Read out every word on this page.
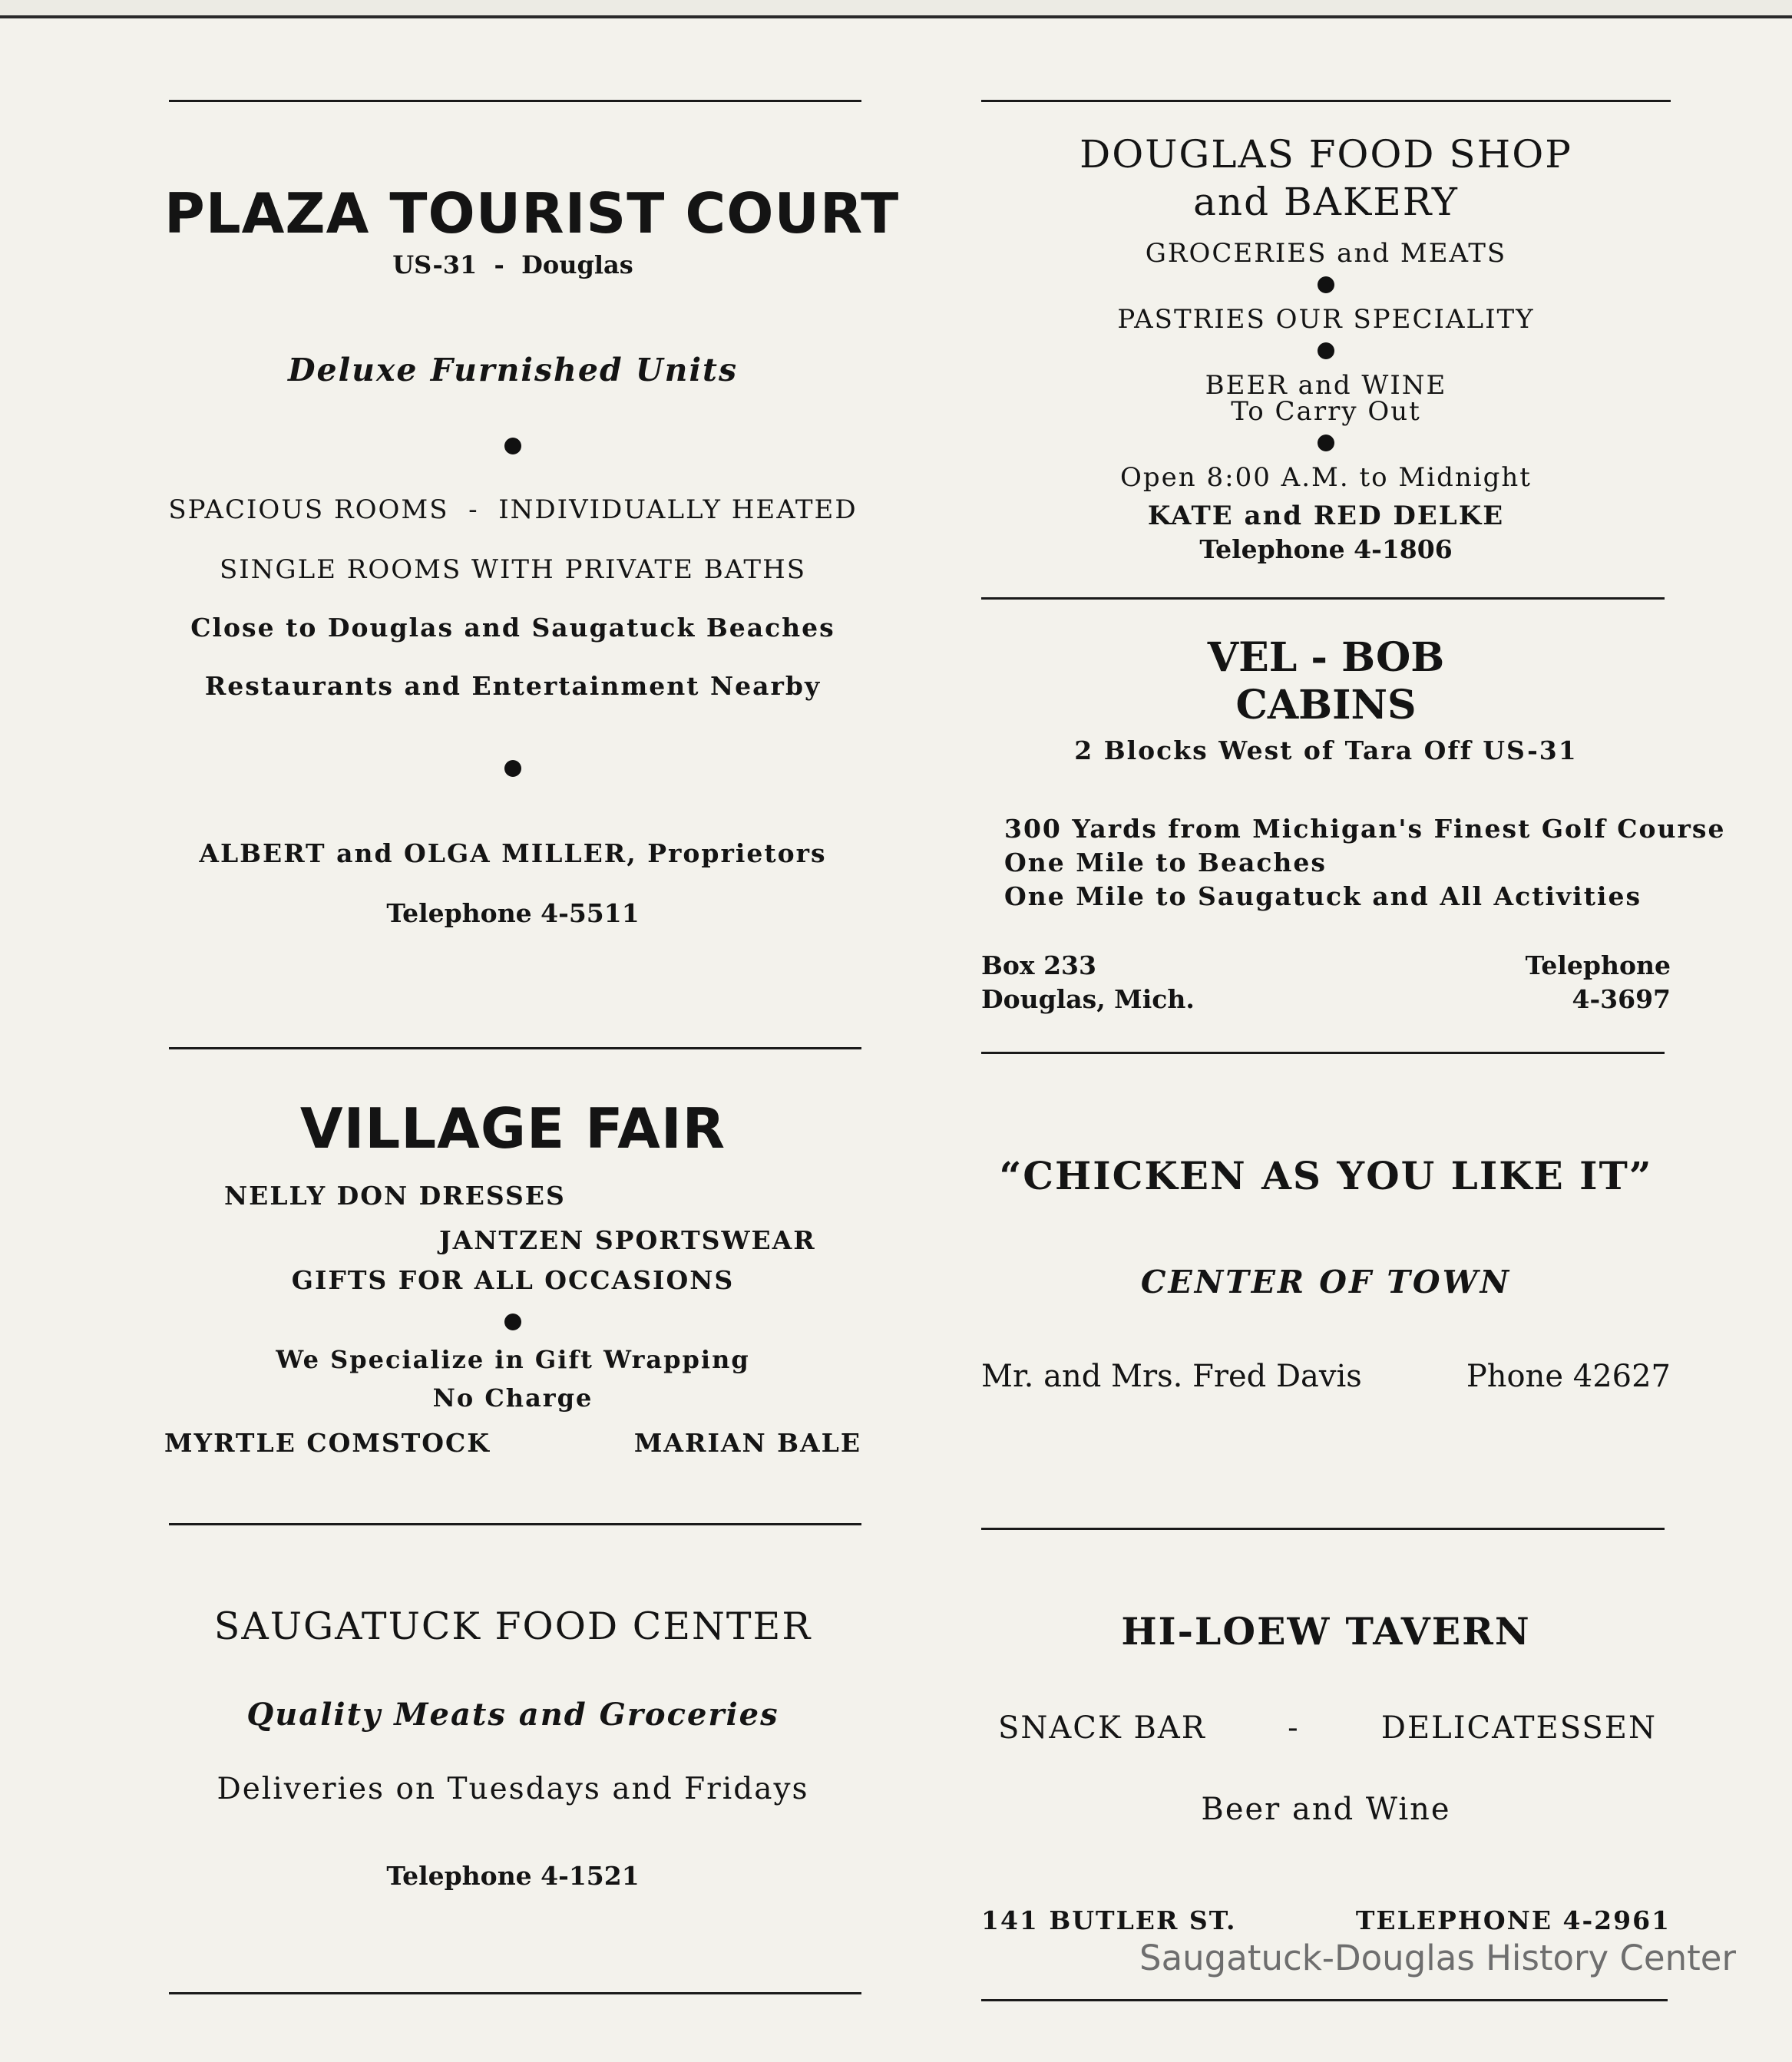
PLAZA TOURIST COURT
US-31  -  Douglas
Deluxe Furnished Units
SPACIOUS ROOMS  -  INDIVIDUALLY HEATED
SINGLE ROOMS WITH PRIVATE BATHS
Close to Douglas and Saugatuck Beaches
Restaurants and Entertainment Nearby
ALBERT and OLGA MILLER, Proprietors
Telephone 4-5511
VILLAGE FAIR
NELLY DON DRESSES
JANTZEN SPORTSWEAR
GIFTS FOR ALL OCCASIONS
We Specialize in Gift Wrapping
No Charge
MYRTLE COMSTOCK	MARIAN BALE
SAUGATUCK FOOD CENTER
Quality Meats and Groceries
Deliveries on Tuesdays and Fridays
Telephone 4-1521
DOUGLAS FOOD SHOP
and BAKERY
GROCERIES and MEATS
PASTRIES OUR SPECIALITY
BEER and WINE
To Carry Out
Open 8:00 A.M. to Midnight
KATE and RED DELKE
Telephone 4-1806
VEL - BOB
CABINS
2 Blocks West of Tara Off US-31
300 Yards from Michigan's Finest Golf Course
One Mile to Beaches
One Mile to Saugatuck and All Activities
Box 233	Telephone
Douglas, Mich.	4-3697
“CHICKEN AS YOU LIKE IT”
CENTER OF TOWN
Mr. and Mrs. Fred Davis	Phone 42627
HI-LOEW TAVERN
SNACK BAR	-	DELICATESSEN
Beer and Wine
141 BUTLER ST.	TELEPHONE 4-2961
Saugatuck-Douglas History Center
